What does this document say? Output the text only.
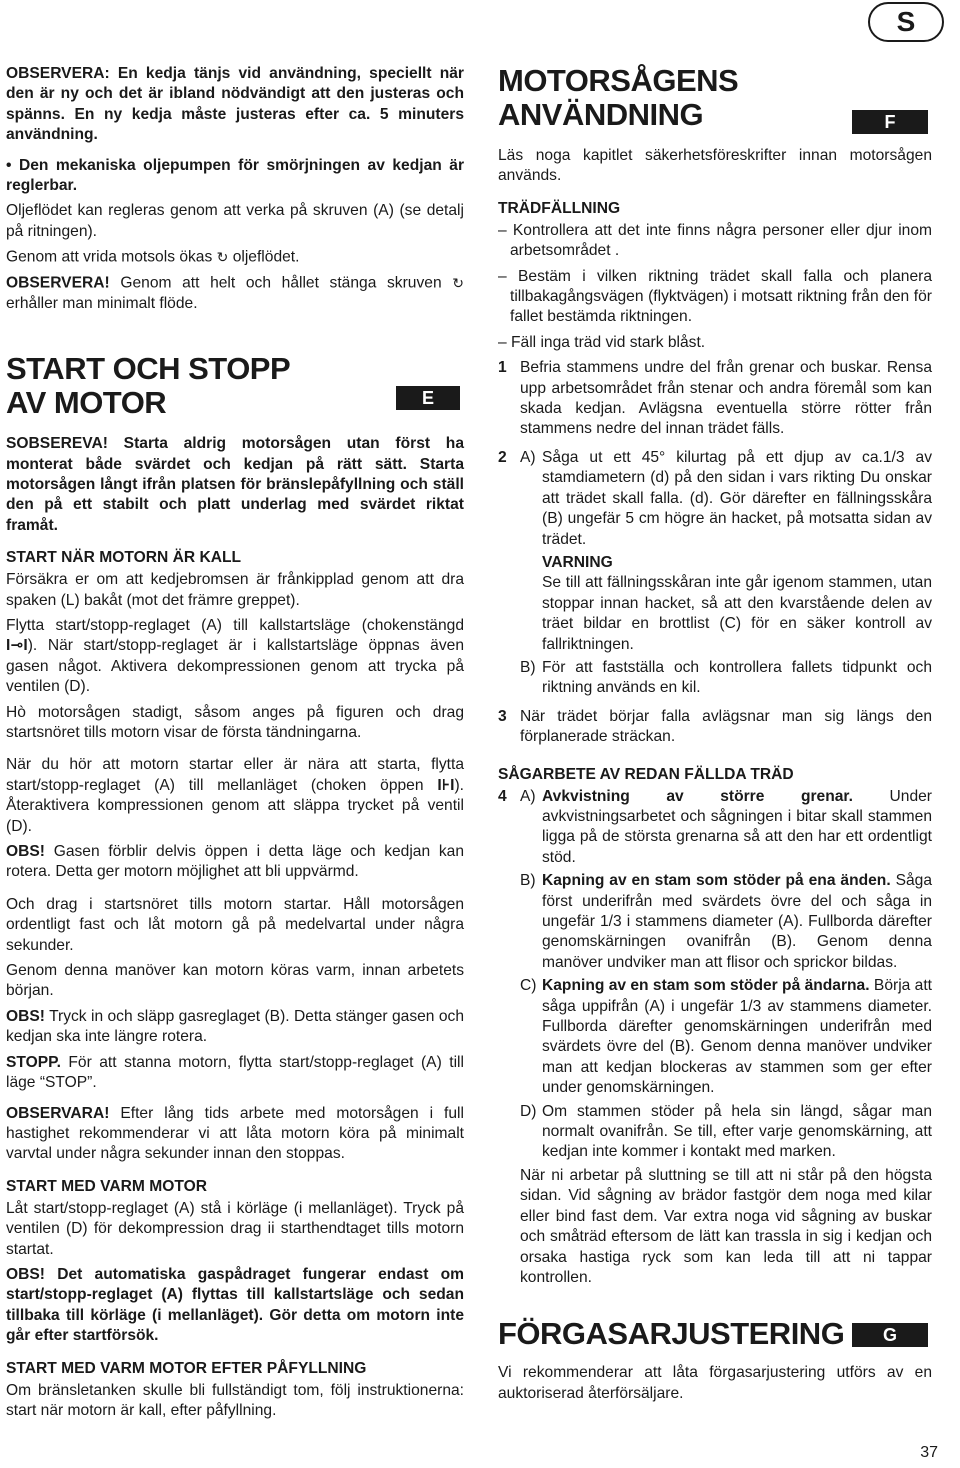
S

OBSERVERA: En kedja tänjs vid användning, speciellt när den är ny och det är ibland nödvändigt att den justeras och spänns. En ny kedja måste justeras efter ca. 5 minuters användning.

• Den mekaniska oljepumpen för smörjningen av kedjan är reglerbar.

Oljeflödet kan regleras genom att verka på skruven (A) (se detalj på ritningen).

Genom att vrida motsols ökas ↻ oljeflödet.

OBSERVERA! Genom att helt och hållet stänga skruven ↻ erhåller man minimalt flöde.

START OCH STOPP
AV MOTOR	E

SOBSEREVA! Starta aldrig motorsågen utan först ha monterat både svärdet och kedjan på rätt sätt. Starta motorsågen långt ifrån platsen för bränslepåfyllning och ställ den på ett stabilt och platt underlag med svärdet riktat framåt.

START NÄR MOTORN ÄR KALL

Försäkra er om att kedjebromsen är frånkipplad genom att dra spaken (L) bakåt (mot det främre greppet).

Flytta start/stopp-reglaget (A) till kallstartsläge (chokenstängd I⊸I). När start/stopp-reglaget är i kallstartsläge öppnas även gasen något. Aktivera dekompressionen genom att trycka på ventilen (D).

Hò motorsågen stadigt, såsom anges på figuren och drag startsnöret tills motorn visar de första tändningarna.

När du hör att motorn startar eller är nära att starta, flytta start/stopp-reglaget (A) till mellanläget (choken öppen I⊦I). Återaktivera kompressionen genom att släppa trycket på ventil (D).

OBS! Gasen förblir delvis öppen i detta läge och kedjan kan rotera. Detta ger motorn möjlighet att bli uppvärmd.

Och drag i startsnöret tills motorn startar. Håll motorsågen ordentligt fast och låt motorn gå på medelvartal under några sekunder.

Genom denna manöver kan motorn köras varm, innan arbetets början.

OBS! Tryck in och släpp gasreglaget (B). Detta stänger gasen och kedjan ska inte längre rotera.

STOPP. För att stanna motorn, flytta start/stopp-reglaget (A) till läge “STOP”.

OBSERVARA! Efter lång tids arbete med motorsågen i full hastighet rekommenderar vi att låta motorn köra på minimalt varvtal under några sekunder innan den stoppas.

START MED VARM MOTOR

Låt start/stopp-reglaget (A) stå i körläge (i mellanläget). Tryck på ventilen (D) för dekompression drag ii starthendtaget tills motorn startat.

OBS! Det automatiska gaspådraget fungerar endast om start/stopp-reglaget (A) flyttas till kallstartsläge och sedan tillbaka till körläge (i mellanläget). Gör detta om motorn inte går efter startförsök.

START MED VARM MOTOR EFTER PÅFYLLNING

Om bränsletanken skulle bli fullständigt tom, följ instruktionerna: start när motorn är kall, efter påfyllning.

MOTORSÅGENS
ANVÄNDNING	F

Läs noga kapitlet säkerhetsföreskrifter innan motorsågen används.

TRÄDFÄLLNING

– Kontrollera att det inte finns några personer eller djur inom arbetsområdet .

– Bestäm i vilken riktning trädet skall falla och planera tillbakagångsvägen (flyktvägen) i motsatt riktning från den för fallet bestämda riktningen.

– Fäll inga träd vid stark blåst.

1 Befria stammens undre del från grenar och buskar. Rensa upp arbetsområdet från stenar och andra föremål som kan skada kedjan. Avlägsna eventuella större rötter från stammens nedre del innan trädet fälls.

2 A) Såga ut ett 45° kilurtag på ett djup av ca.1/3 av stamdiametern (d) på den sidan i vars rikting Du onskar att trädet skall falla. (d). Gör därefter en fällningsskåra (B) ungefär 5 cm högre än hacket, på motsatta sidan av trädet.

VARNING

Se till att fällningsskåran inte går igenom stammen, utan stoppar innan hacket, så att den kvarstående delen av träet bildar en brottlist (C) för en säker kontroll av fallriktningen.

B) För att fastställa och kontrollera fallets tidpunkt och riktning används en kil.

3 När trädet börjar falla avlägsnar man sig längs den förplanerade sträckan.

SÅGARBETE AV REDAN FÄLLDA TRÄD
4 A) Avkvistning av större grenar. Under avkvistningsarbetet och sågningen i bitar skall stammen ligga på de största grenarna så att den har ett ordentligt stöd.

B) Kapning av en stam som stöder på ena änden. Såga först underifrån med svärdets övre del och såga in ungefär 1/3 i stammens diameter (A). Fullborda därefter genomskärningen ovanifrån (B). Genom denna manöver undviker man att flisor och sprickor bildas.

C) Kapning av en stam som stöder på ändarna. Börja att såga uppifrån (A) i ungefär 1/3 av stammens diameter. Fullborda därefter genomskärningen underifrån med svärdets övre del (B). Genom denna manöver undviker man att kedjan blockeras av stammen som ger efter under genomskärningen.

D) Om stammen stöder på hela sin längd, sågar man normalt ovanifrån. Se till, efter varje genomskärning, att kedjan inte kommer i kontakt med marken.

När ni arbetar på sluttning se till att ni står på den högsta sidan. Vid sågning av brädor fastgör dem noga med kilar eller bind fast dem. Var extra noga vid sågning av buskar och småträd eftersom de lätt kan trassla in sig i kedjan och orsaka hastiga ryck som kan leda till att ni tappar kontrollen.

FÖRGASARJUSTERING	G

Vi rekommenderar att låta förgasarjustering utförs av en auktoriserad återförsäljare.

37
